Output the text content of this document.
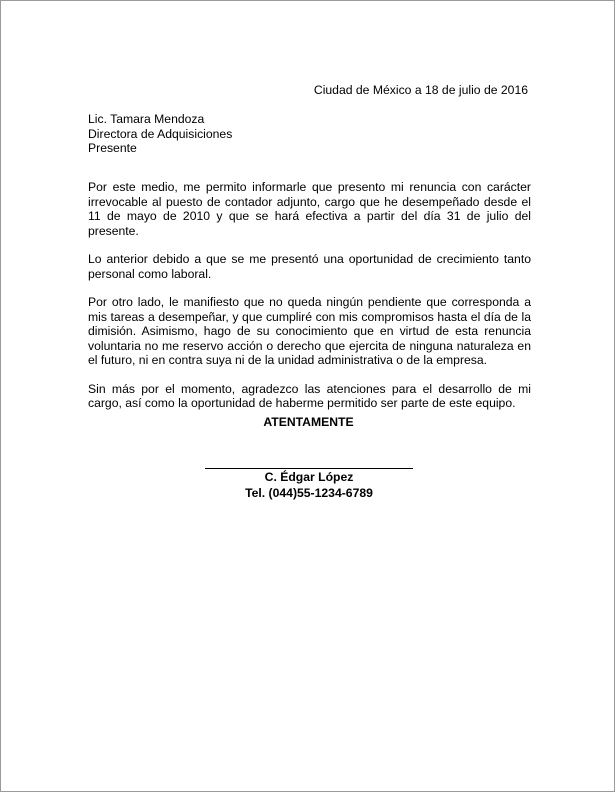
Ciudad de México a 18 de julio de 2016
Lic. Tamara Mendoza
Directora de Adquisiciones
Presente

Por este medio, me permito informarle que presento mi renuncia con carácter irrevocable al puesto de contador adjunto, cargo que he desempeñado desde el 11 de mayo de 2010 y que se hará efectiva a partir del día 31 de julio del presente.

Lo anterior debido a que se me presentó una oportunidad de crecimiento tanto personal como laboral.

Por otro lado, le manifiesto que no queda ningún pendiente que corresponda a mis tareas a desempeñar, y que cumpliré con mis compromisos hasta el día de la dimisión. Asimismo, hago de su conocimiento que en virtud de esta renuncia voluntaria no me reservo acción o derecho que ejercita de ninguna naturaleza en el futuro, ni en contra suya ni de la unidad administrativa o de la empresa.

Sin más por el momento, agradezco las atenciones para el desarrollo de mi cargo, así como la oportunidad de haberme permitido ser parte de este equipo.

ATENTAMENTE
C. Édgar López
Tel. (044)55-1234-6789
